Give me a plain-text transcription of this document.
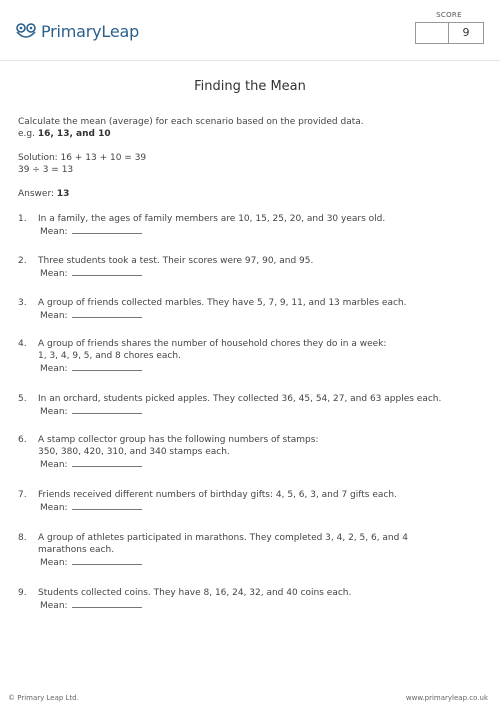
PrimaryLeap
SCORE
9
Finding the Mean

Calculate the mean (average) for each scenario based on the provided data.

e.g. 16, 13, and 10

Solution: 16 + 13 + 10 = 39

39 ÷ 3 = 13

Answer: 13

1. In a family, the ages of family members are 10, 15, 25, 20, and 30 years old.
Mean:
2. Three students took a test. Their scores were 97, 90, and 95.
Mean:
3. A group of friends collected marbles. They have 5, 7, 9, 11, and 13 marbles each.
Mean:
4. A group of friends shares the number of household chores they do in a week:
1, 3, 4, 9, 5, and 8 chores each.
Mean:
5. In an orchard, students picked apples. They collected 36, 45, 54, 27, and 63 apples each.
Mean:
6. A stamp collector group has the following numbers of stamps:
350, 380, 420, 310, and 340 stamps each.
Mean:
7. Friends received different numbers of birthday gifts: 4, 5, 6, 3, and 7 gifts each.
Mean:
8. A group of athletes participated in marathons. They completed 3, 4, 2, 5, 6, and 4
marathons each.
Mean:
9. Students collected coins. They have 8, 16, 24, 32, and 40 coins each.
Mean:
© Primary Leap Ltd.	www.primaryleap.co.uk
